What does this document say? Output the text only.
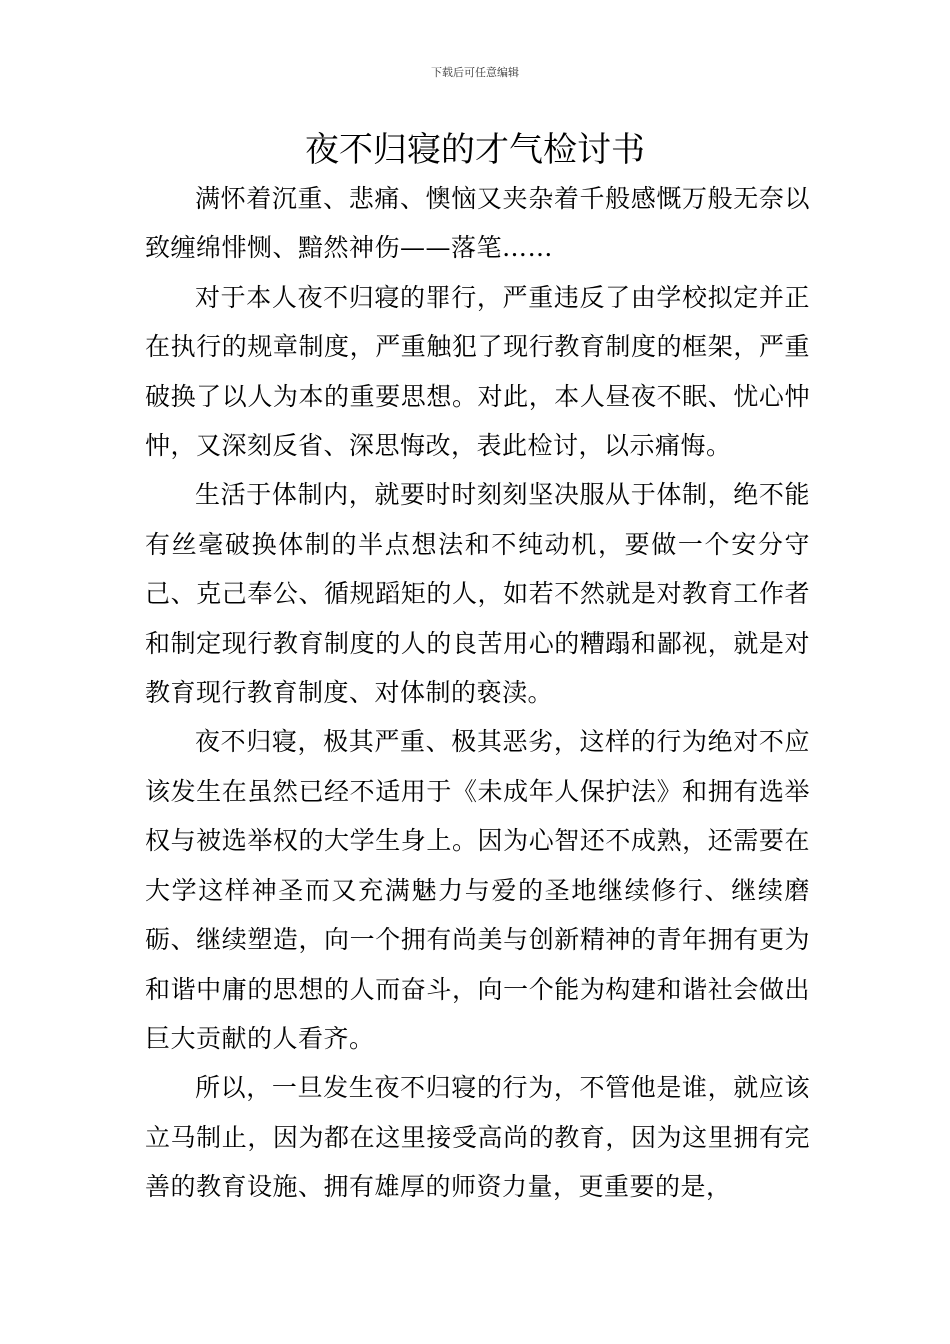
下载后可任意编辑
夜不归寝的才气检讨书

满怀着沉重、悲痛、懊恼又夹杂着千般感慨万般无奈以致缠绵悱恻、黯然神伤——落笔……

对于本人夜不归寝的罪行，严重违反了由学校拟定并正在执行的规章制度，严重触犯了现行教育制度的框架，严重破换了以人为本的重要思想。对此，本人昼夜不眠、忧心忡忡，又深刻反省、深思悔改，表此检讨，以示痛悔。

生活于体制内，就要时时刻刻坚决服从于体制，绝不能有丝毫破换体制的半点想法和不纯动机，要做一个安分守己、克己奉公、循规蹈矩的人，如若不然就是对教育工作者和制定现行教育制度的人的良苦用心的糟蹋和鄙视，就是对教育现行教育制度、对体制的亵渎。

夜不归寝，极其严重、极其恶劣，这样的行为绝对不应该发生在虽然已经不适用于《未成年人保护法》和拥有选举权与被选举权的大学生身上。因为心智还不成熟，还需要在大学这样神圣而又充满魅力与爱的圣地继续修行、继续磨砺、继续塑造，向一个拥有尚美与创新精神的青年拥有更为和谐中庸的思想的人而奋斗，向一个能为构建和谐社会做出巨大贡献的人看齐。

所以，一旦发生夜不归寝的行为，不管他是谁，就应该立马制止，因为都在这里接受高尚的教育，因为这里拥有完善的教育设施、拥有雄厚的师资力量，更重要的是，
